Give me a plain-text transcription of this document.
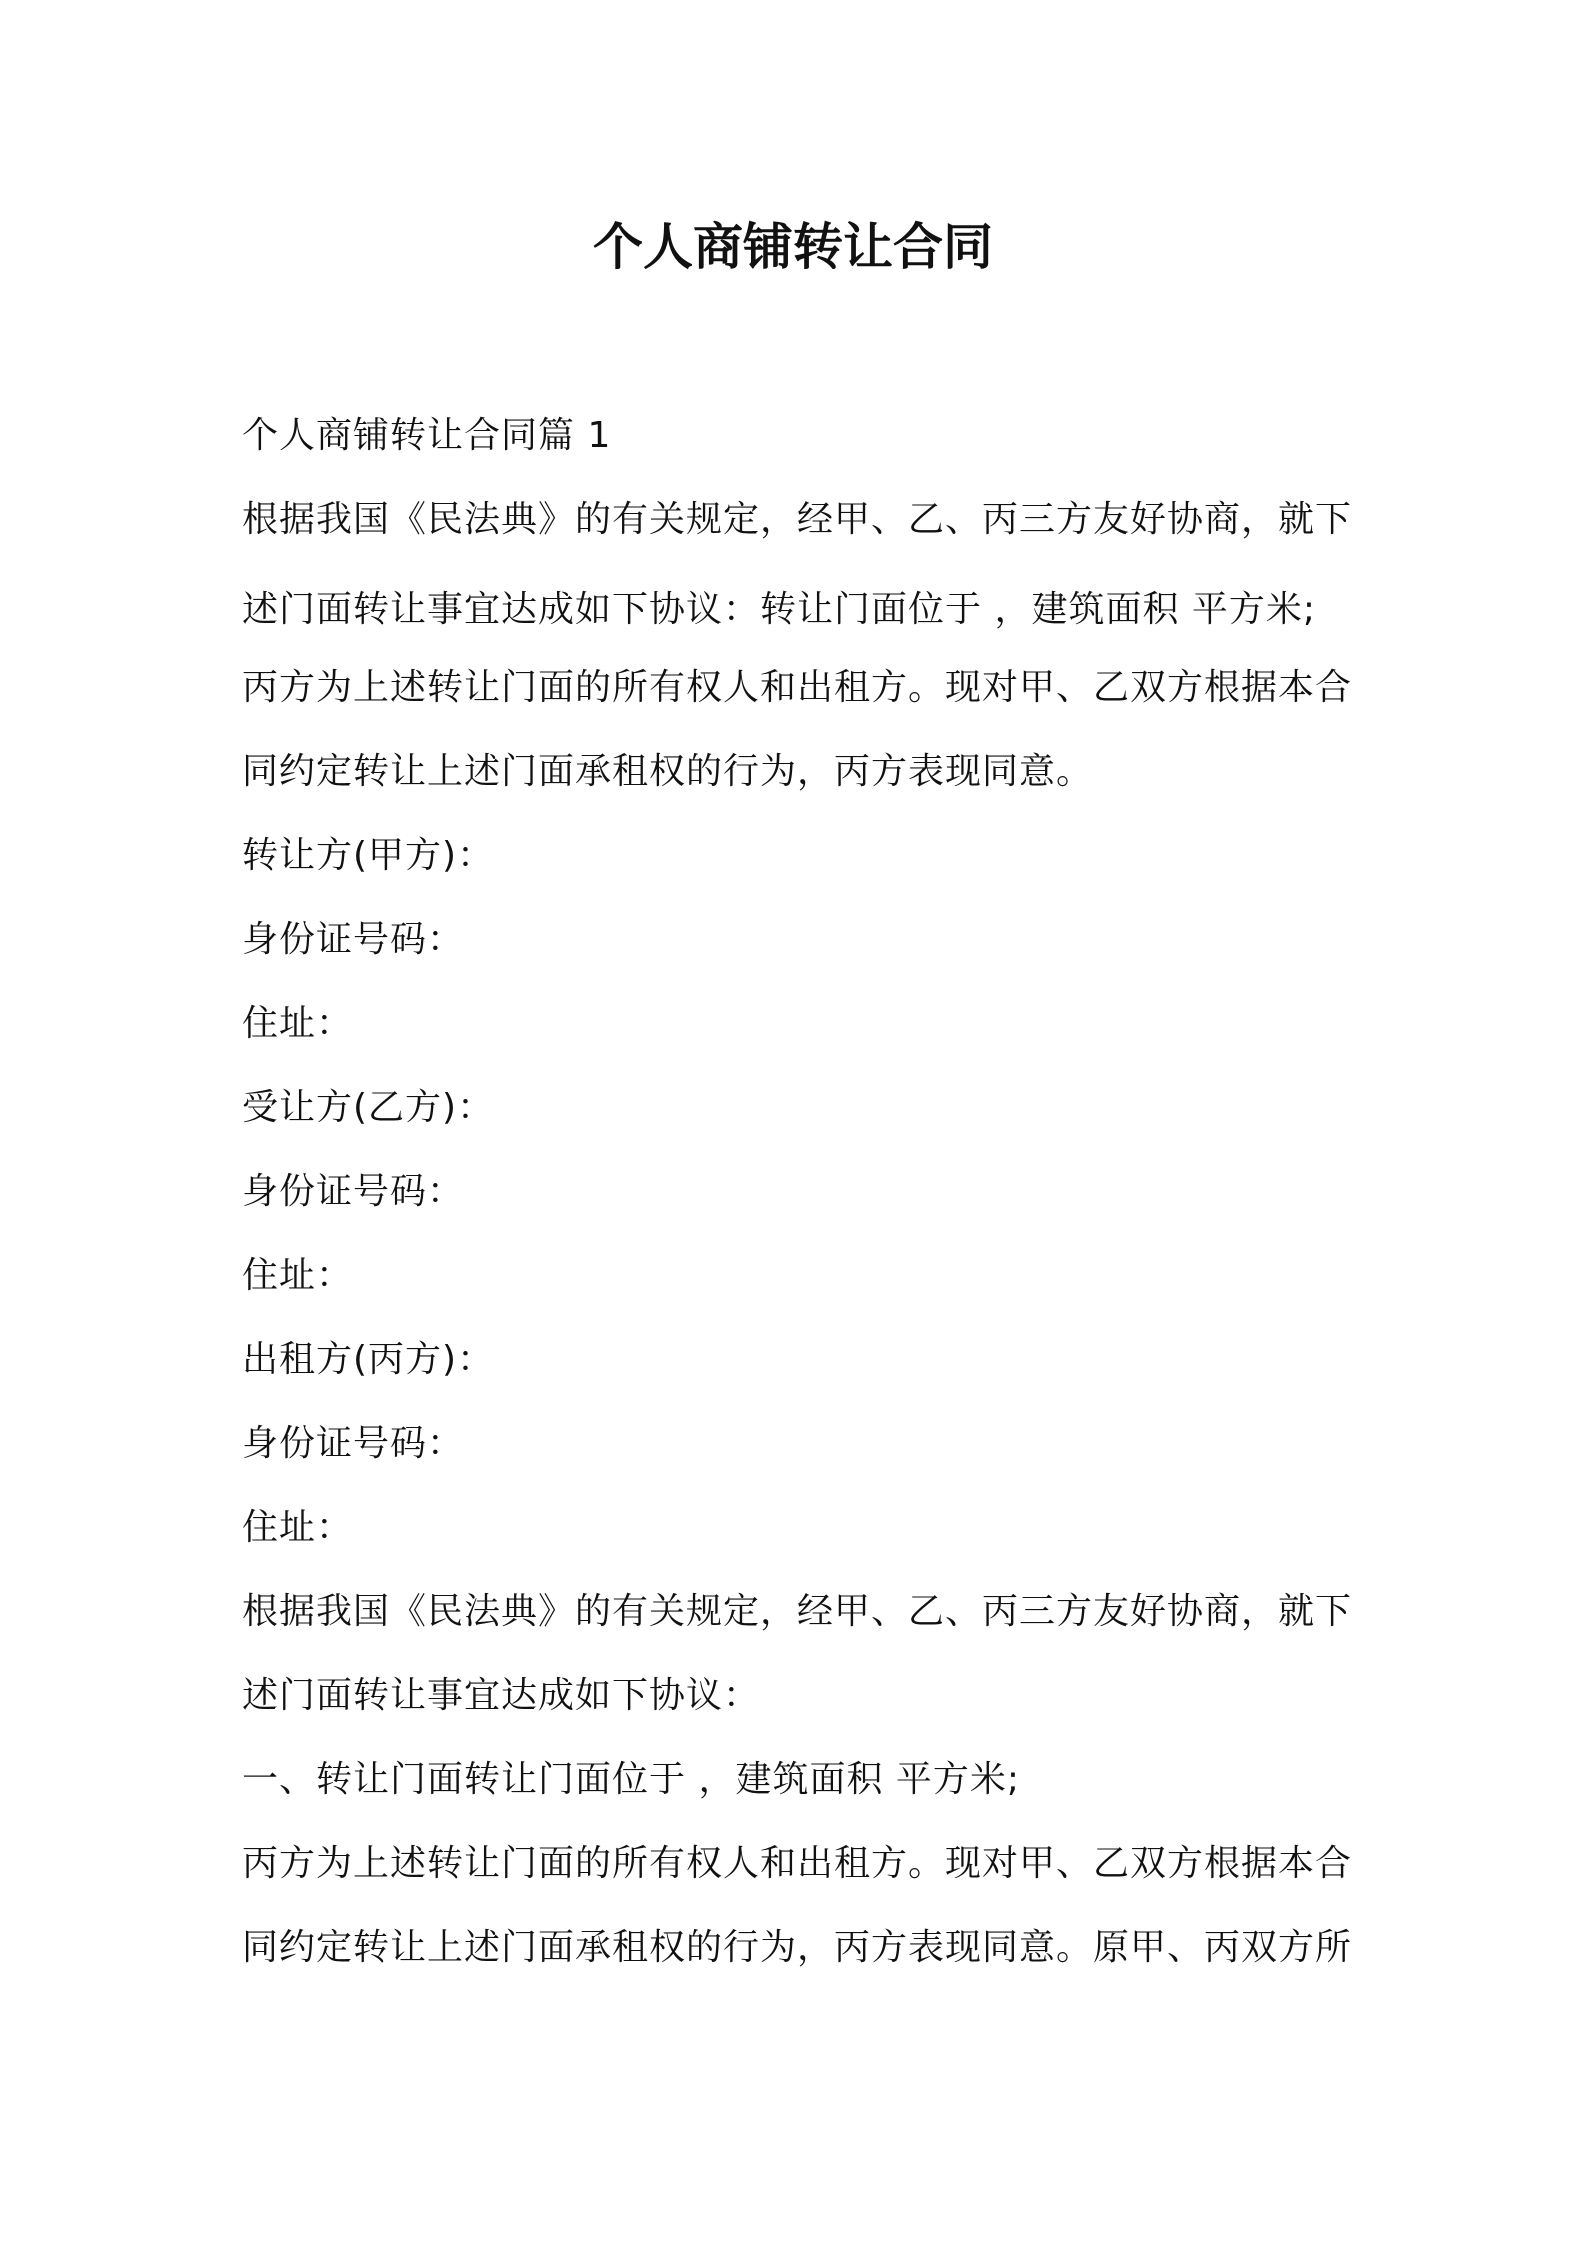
个人商铺转让合同
个人商铺转让合同篇 1
根据我国《民法典》的有关规定，经甲、乙、丙三方友好协商，就下
述门面转让事宜达成如下协议：转让门面位于 ，建筑面积 平方米;
丙方为上述转让门面的所有权人和出租方。现对甲、乙双方根据本合
同约定转让上述门面承租权的行为，丙方表现同意。
转让方(甲方)：
身份证号码：
住址：
受让方(乙方)：
身份证号码：
住址：
出租方(丙方)：
身份证号码：
住址：
根据我国《民法典》的有关规定，经甲、乙、丙三方友好协商，就下
述门面转让事宜达成如下协议：
一、转让门面转让门面位于 ，建筑面积 平方米;
丙方为上述转让门面的所有权人和出租方。现对甲、乙双方根据本合
同约定转让上述门面承租权的行为，丙方表现同意。原甲、丙双方所
